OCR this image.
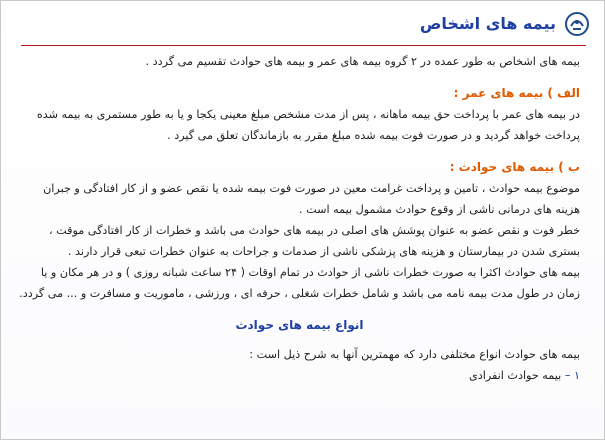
بیمه های اشخاص

بیمه های اشخاص به طور عمده در ۲ گروه بیمه های عمر و بیمه های حوادث تقسیم می گردد .

الف ) بیمه های عمر :

در بیمه های عمر با پرداخت حق بیمه ماهانه ، پس از مدت مشخص مبلغ معینی یکجا و یا به طور مستمری به بیمه شده

پرداخت خواهد گردید و در صورت فوت بیمه شده مبلغ مقرر به بازماندگان تعلق می گیرد .

ب ) بیمه های حوادث :

موضوع بیمه حوادث ، تامین و پرداخت غرامت معین در صورت فوت بیمه شده یا نقص عضو و از کار افتادگی و جبران

هزینه های درمانی ناشی از وقوع حوادث مشمول بیمه است .

خطر فوت و نقص عضو به عنوان پوشش های اصلی در بیمه های حوادث می باشد و خطرات از کار افتادگی موقت ،

بستری شدن در بیمارستان و هزینه های پزشکی ناشی از صدمات و جراحات به عنوان خطرات تبعی قرار دارند .

بیمه های حوادث اکثرا به صورت خطرات ناشی از حوادث در تمام اوقات ( ۲۴ ساعت شبانه روزی ) و در هر مکان و یا

زمان در طول مدت بیمه نامه می باشد و شامل خطرات شغلی ، حرفه ای ، ورزشی ، ماموریت و مسافرت و ... می گردد.

انواع بیمه های حوادث

بیمه های حوادث انواع مختلفی دارد که مهمترین آنها به شرح ذیل است :

۱ – بیمه حوادث انفرادی
